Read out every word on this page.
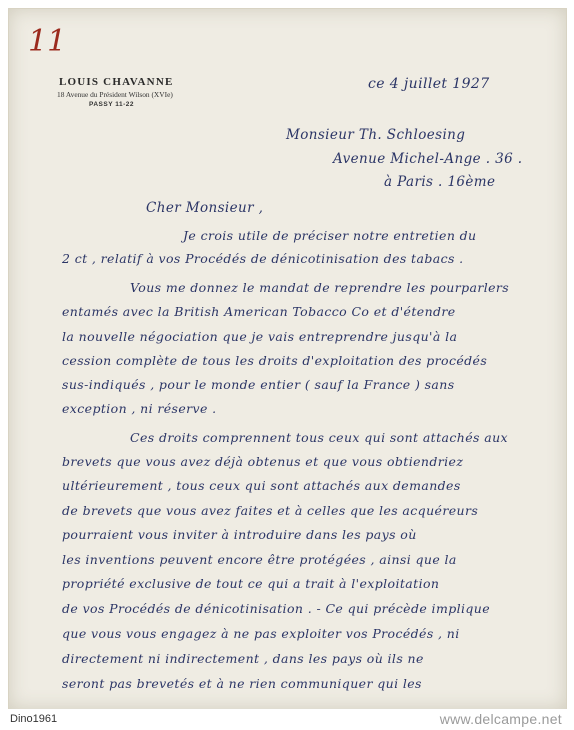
11
LOUIS CHAVANNE
18 Avenue du Président Wilson (XVIe)
PASSY 11-22
ce 4 juillet 1927
Monsieur Th. Schloesing
Avenue Michel-Ange . 36 .
à Paris . 16ème
Cher Monsieur ,
Je crois utile de préciser notre entretien du
2 ct , relatif à vos Procédés de dénicotinisation des tabacs .
Vous me donnez le mandat de reprendre les pourparlers
entamés avec la British American Tobacco Co et d'étendre
la nouvelle négociation que je vais entreprendre jusqu'à la
cession complète de tous les droits d'exploitation des procédés
sus-indiqués , pour le monde entier ( sauf la France ) sans
exception , ni réserve .
Ces droits comprennent tous ceux qui sont attachés aux
brevets que vous avez déjà obtenus et que vous obtiendriez
ultérieurement , tous ceux qui sont attachés aux demandes
de brevets que vous avez faites et à celles que les acquéreurs
pourraient vous inviter à introduire dans les pays où
les inventions peuvent encore être protégées , ainsi que la
propriété exclusive de tout ce qui a trait à l'exploitation
de vos Procédés de dénicotinisation . - Ce qui précède implique
que vous vous engagez à ne pas exploiter vos Procédés , ni
directement ni indirectement , dans les pays où ils ne
seront pas brevetés et à ne rien communiquer qui les
Dino1961	www.delcampe.net
